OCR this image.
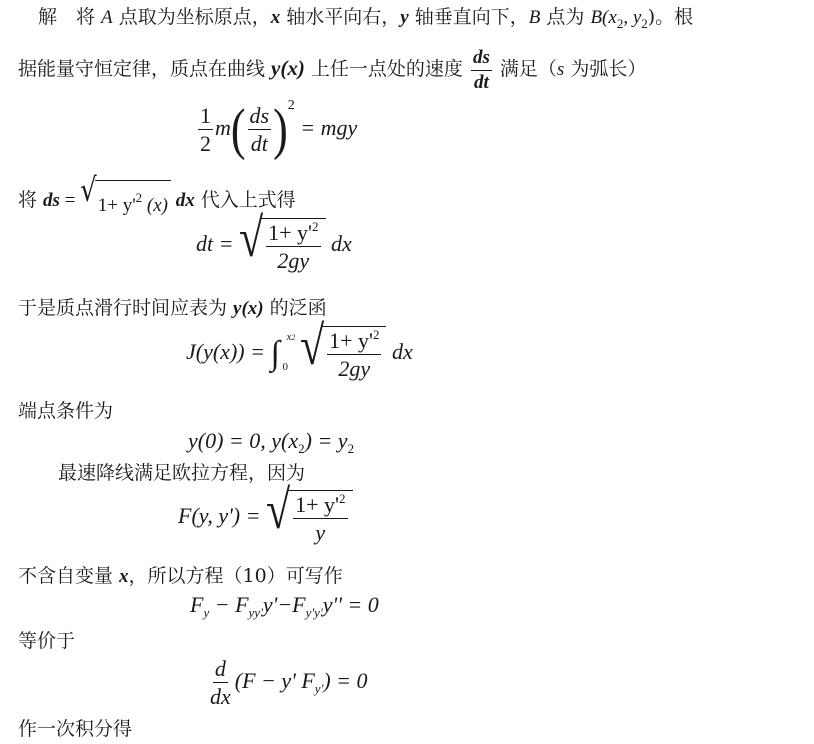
解　将 A 点取为坐标原点，x 轴水平向右，y 轴垂直向下，B 点为 $B(x_2$, $y_2$)。根
据能量守恒定律，质点在曲线 y(x) 上任一点处的速度 $\frac{ds}{dt}$ 满足（s 为弧长）
$\frac{1}{2} m( \frac{ds}{dt} )^2$ = mgy
将 ds = √ $1+ y'^2$ (x) dx 代入上式得
dt = √ $\frac{1+ y'^2}{2gy}$ dx
于是质点滑行时间应表为 y(x) 的泛函
J(y(x)) = ∫ x2
0
√ $\frac{1+ y'^2}{2gy}$ dx
端点条件为
y(0) = 0, $y(x_2) = y_2$
最速降线满足欧拉方程，因为
F(y, y') = √ $\frac{1+ y'^2}{y}$
不含自变量 x，所以方程（10）可写作
$F_y - F_{yy'}y'-F_{y'y'}y'' = 0$
等价于
$\frac{d}{dx} (F - y'$ $F_{y'}) = 0$
作一次积分得
